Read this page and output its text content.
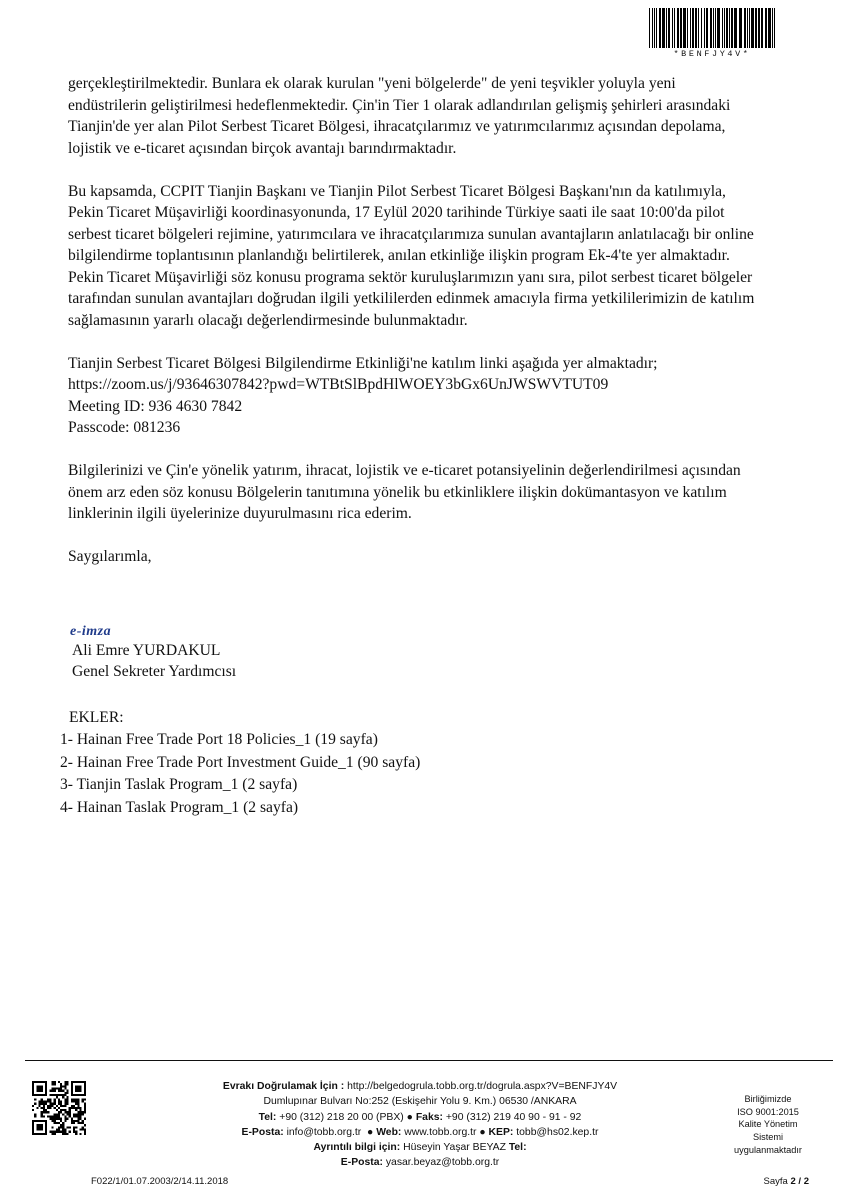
*BENFJY4V*

gerçekleştirilmektedir. Bunlara ek olarak kurulan "yeni bölgelerde" de yeni teşvikler yoluyla yeni
endüstrilerin geliştirilmesi hedeflenmektedir. Çin'in Tier 1 olarak adlandırılan gelişmiş şehirleri arasındaki
Tianjin'de yer alan Pilot Serbest Ticaret Bölgesi, ihracatçılarımız ve yatırımcılarımız açısından depolama,
lojistik ve e-ticaret açısından birçok avantajı barındırmaktadır.

Bu kapsamda, CCPIT Tianjin Başkanı ve Tianjin Pilot Serbest Ticaret Bölgesi Başkanı'nın da katılımıyla,
Pekin Ticaret Müşavirliği koordinasyonunda, 17 Eylül 2020 tarihinde Türkiye saati ile saat 10:00'da pilot
serbest ticaret bölgeleri rejimine, yatırımcılara ve ihracatçılarımıza sunulan avantajların anlatılacağı bir online
bilgilendirme toplantısının planlandığı belirtilerek, anılan etkinliğe ilişkin program Ek-4'te yer almaktadır.
Pekin Ticaret Müşavirliği söz konusu programa sektör kuruluşlarımızın yanı sıra, pilot serbest ticaret bölgeler
tarafından sunulan avantajları doğrudan ilgili yetkililerden edinmek amacıyla firma yetkililerimizin de katılım
sağlamasının yararlı olacağı değerlendirmesinde bulunmaktadır.

Tianjin Serbest Ticaret Bölgesi Bilgilendirme Etkinliği'ne katılım linki aşağıda yer almaktadır;
https://zoom.us/j/93646307842?pwd=WTBtSlBpdHlWOEY3bGx6UnJWSWVTUT09
Meeting ID: 936 4630 7842
Passcode: 081236

Bilgilerinizi ve Çin'e yönelik yatırım, ihracat, lojistik ve e-ticaret potansiyelinin değerlendirilmesi açısından
önem arz eden söz konusu Bölgelerin tanıtımına yönelik bu etkinliklere ilişkin dokümantasyon ve katılım
linklerinin ilgili üyelerinize duyurulmasını rica ederim.

Saygılarımla,

e-imza
Ali Emre YURDAKUL
Genel Sekreter Yardımcısı
EKLER:
1- Hainan Free Trade Port 18 Policies_1 (19 sayfa)
2- Hainan Free Trade Port Investment Guide_1 (90 sayfa)
3- Tianjin Taslak Program_1 (2 sayfa)
4- Hainan Taslak Program_1 (2 sayfa)
Evrakı Doğrulamak İçin : http://belgedogrula.tobb.org.tr/dogrula.aspx?V=BENFJY4V
Dumlupınar Bulvarı No:252 (Eskişehir Yolu 9. Km.) 06530 /ANKARA
Tel: +90 (312) 218 20 00 (PBX) ● Faks: +90 (312) 219 40 90 - 91 - 92
E-Posta: info@tobb.org.tr  ● Web: www.tobb.org.tr ● KEP: tobb@hs02.kep.tr
Ayrıntılı bilgi için: Hüseyin Yaşar BEYAZ Tel:
E-Posta: yasar.beyaz@tobb.org.tr
Birliğimizde
ISO 9001:2015
Kalite Yönetim
Sistemi
uygulanmaktadır
F022/1/01.07.2003/2/14.11.2018	Sayfa 2 / 2
